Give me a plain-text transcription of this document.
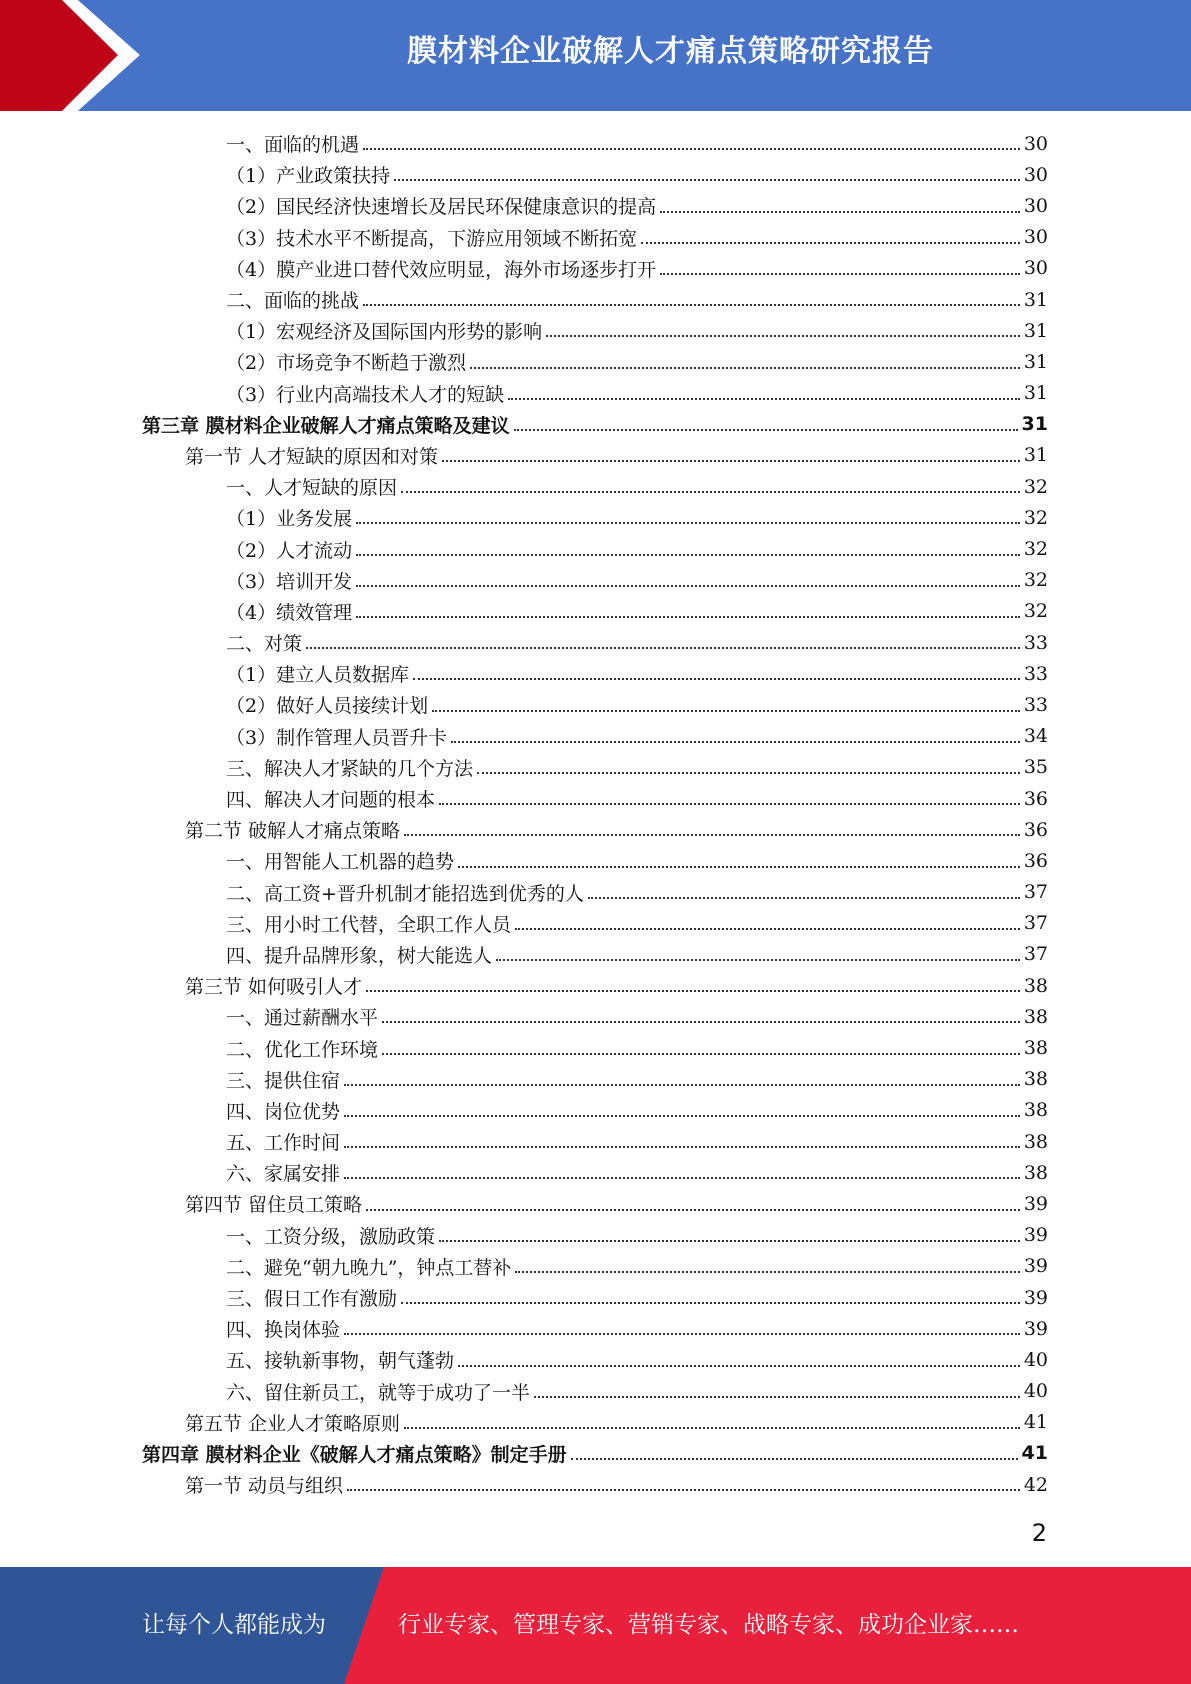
膜材料企业破解人才痛点策略研究报告
一、面临的机遇	30
（1）产业政策扶持	30
（2）国民经济快速增长及居民环保健康意识的提高	30
（3）技术水平不断提高，下游应用领域不断拓宽	30
（4）膜产业进口替代效应明显，海外市场逐步打开	30
二、面临的挑战	31
（1）宏观经济及国际国内形势的影响	31
（2）市场竞争不断趋于激烈	31
（3）行业内高端技术人才的短缺	31
第三章 膜材料企业破解人才痛点策略及建议	31
第一节 人才短缺的原因和对策	31
一、人才短缺的原因	32
（1）业务发展	32
（2）人才流动	32
（3）培训开发	32
（4）绩效管理	32
二、对策	33
（1）建立人员数据库	33
（2）做好人员接续计划	33
（3）制作管理人员晋升卡	34
三、解决人才紧缺的几个方法	35
四、解决人才问题的根本	36
第二节 破解人才痛点策略	36
一、用智能人工机器的趋势	36
二、高工资+晋升机制才能招选到优秀的人	37
三、用小时工代替，全职工作人员	37
四、提升品牌形象，树大能选人	37
第三节 如何吸引人才	38
一、通过薪酬水平	38
二、优化工作环境	38
三、提供住宿	38
四、岗位优势	38
五、工作时间	38
六、家属安排	38
第四节 留住员工策略	39
一、工资分级，激励政策	39
二、避免“朝九晚九”，钟点工替补	39
三、假日工作有激励	39
四、换岗体验	39
五、接轨新事物，朝气蓬勃	40
六、留住新员工，就等于成功了一半	40
第五节 企业人才策略原则	41
第四章 膜材料企业《破解人才痛点策略》制定手册	41
第一节 动员与组织	42
2
让每个人都能成为	行业专家、管理专家、营销专家、战略专家、成功企业家……
